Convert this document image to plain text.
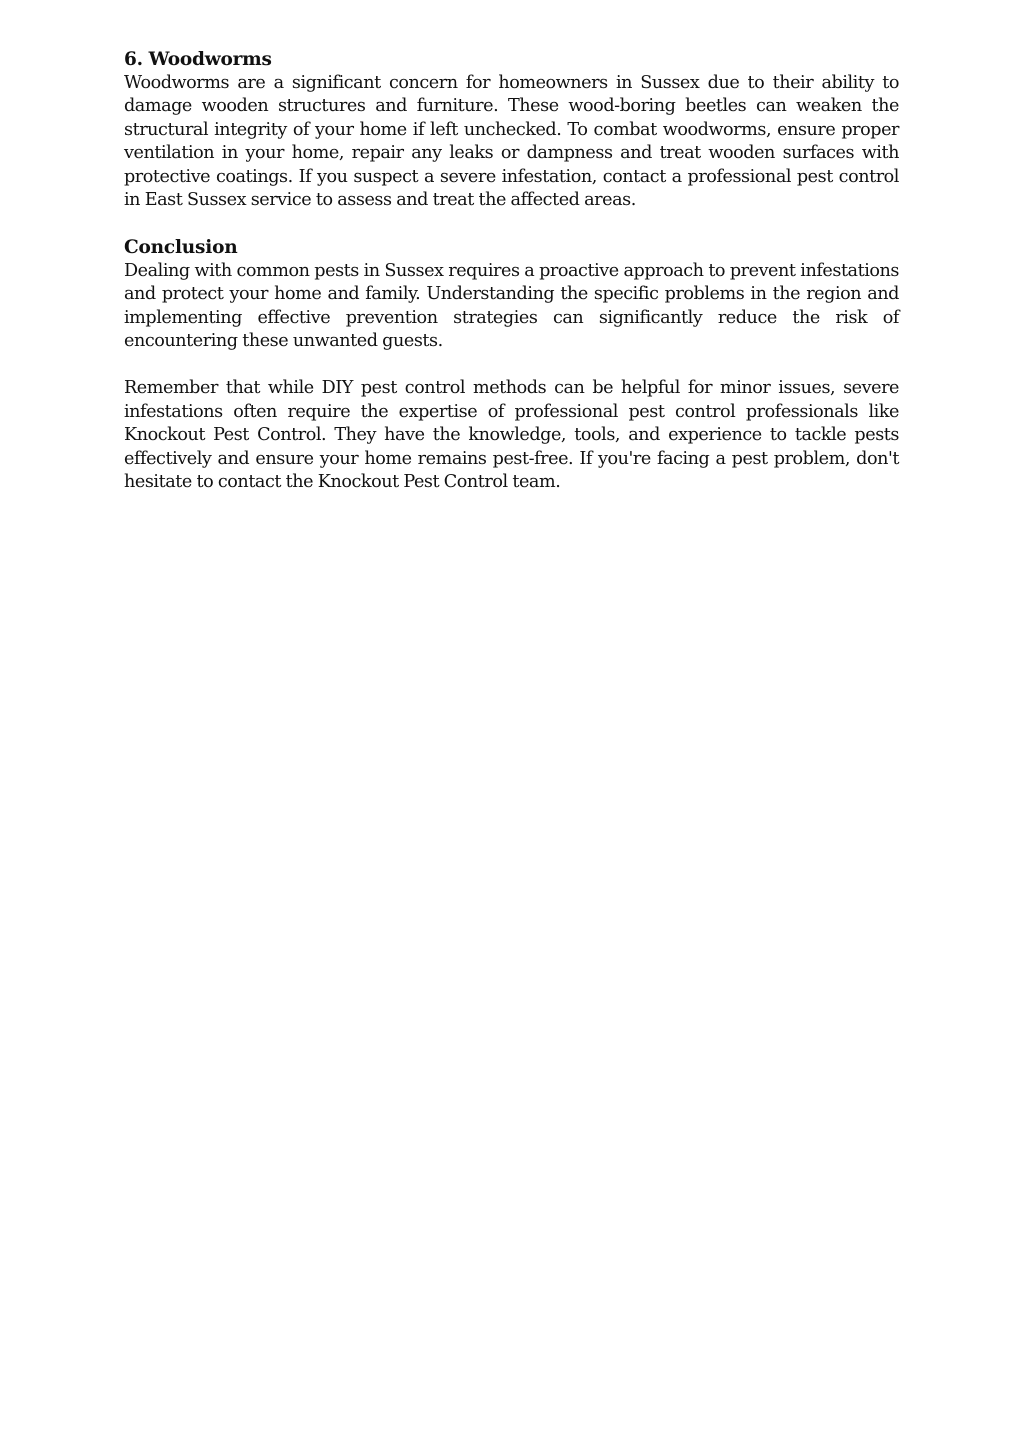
6. Woodworms

Woodworms are a significant concern for homeowners in Sussex due to their ability to damage wooden structures and furniture. These wood-boring beetles can weaken the structural integrity of your home if left unchecked. To combat woodworms, ensure proper ventilation in your home, repair any leaks or dampness and treat wooden surfaces with protective coatings. If you suspect a severe infestation, contact a professional pest control in East Sussex service to assess and treat the affected areas.

Conclusion

Dealing with common pests in Sussex requires a proactive approach to prevent infestations and protect your home and family. Understanding the specific problems in the region and implementing effective prevention strategies can significantly reduce the risk of encountering these unwanted guests.

Remember that while DIY pest control methods can be helpful for minor issues, severe infestations often require the expertise of professional pest control professionals like Knockout Pest Control. They have the knowledge, tools, and experience to tackle pests effectively and ensure your home remains pest-free. If you're facing a pest problem, don't hesitate to contact the Knockout Pest Control team.
